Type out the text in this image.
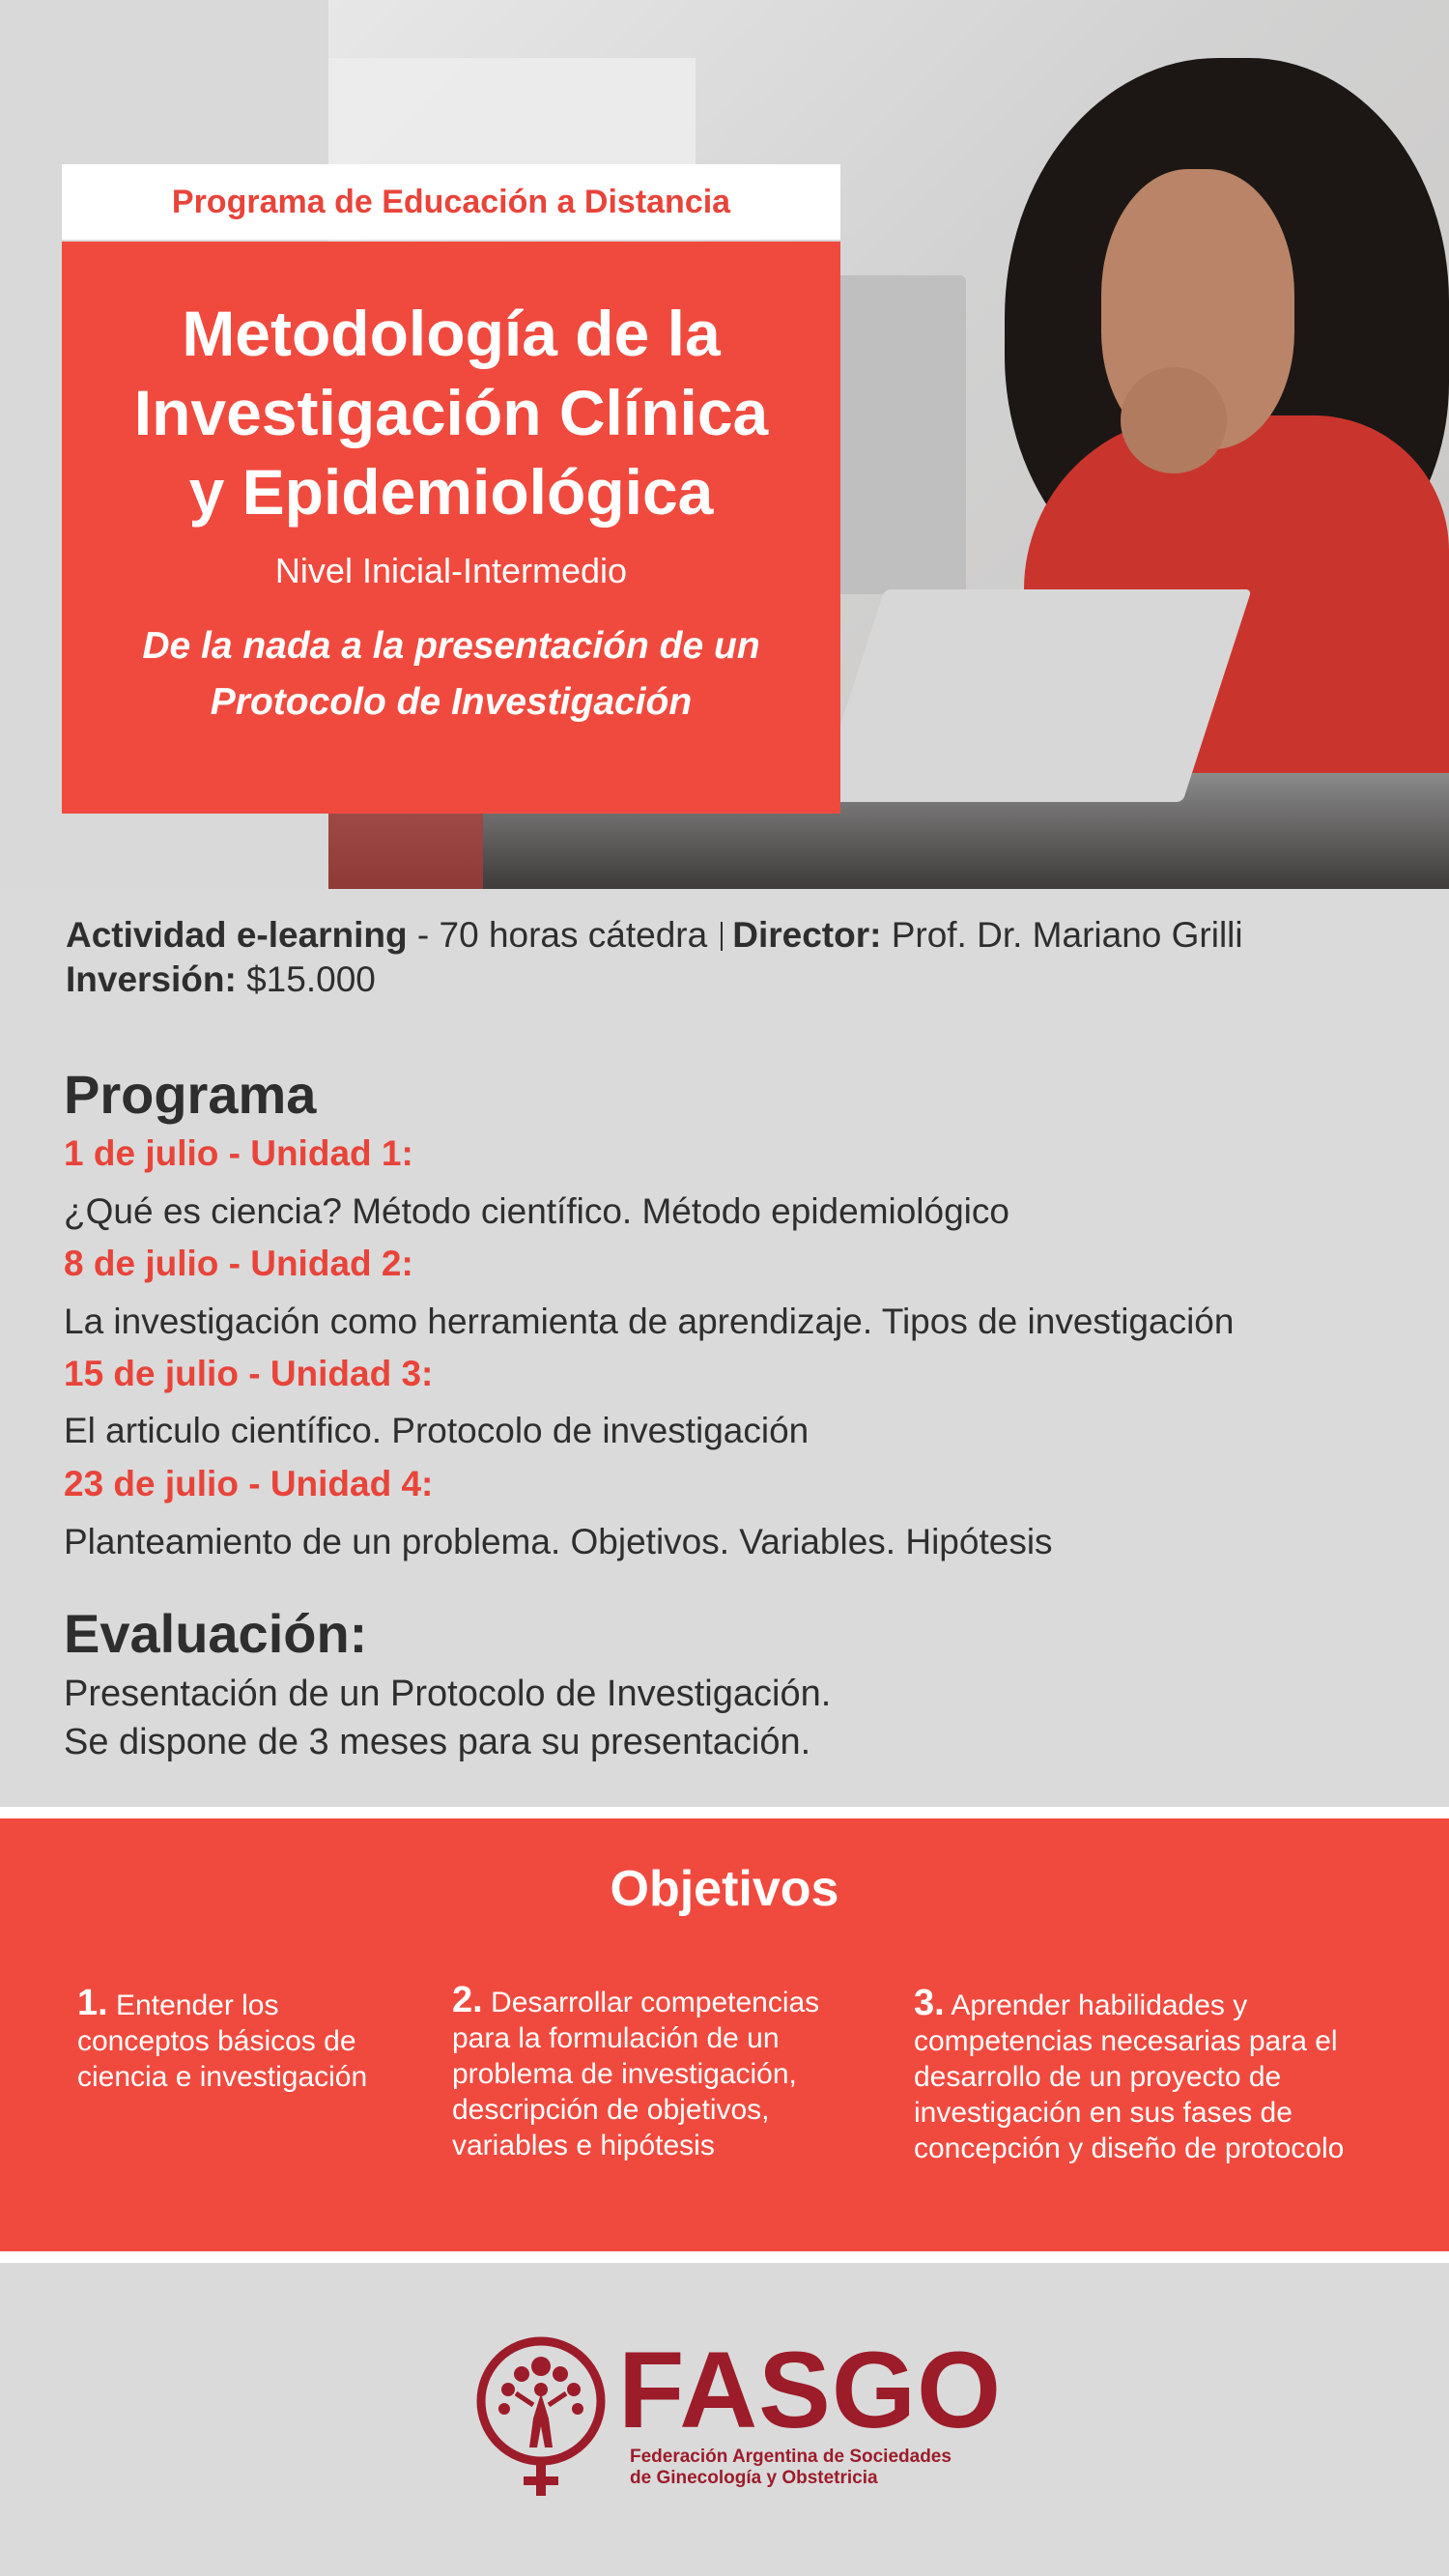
Programa de Educación a Distancia
Metodología de la
Investigación Clínica
y Epidemiológica
Nivel Inicial-Intermedio
De la nada a la presentación de un
Protocolo de Investigación
Actividad e-learning - 70 horas cátedra Director: Prof. Dr. Mariano Grilli
Inversión: $15.000
Programa
1 de julio - Unidad 1:
¿Qué es ciencia? Método científico. Método epidemiológico
8 de julio - Unidad 2:
La investigación como herramienta de aprendizaje. Tipos de investigación
15 de julio - Unidad 3:
El articulo científico. Protocolo de investigación
23 de julio - Unidad 4:
Planteamiento de un problema. Objetivos. Variables. Hipótesis
Evaluación:
Presentación de un Protocolo de Investigación.
Se dispone de 3 meses para su presentación.
Objetivos
1. Entender los
conceptos básicos de
ciencia e investigación
2. Desarrollar competencias
para la formulación de un
problema de investigación,
descripción de objetivos,
variables e hipótesis
3. Aprender habilidades y
competencias necesarias para el
desarrollo de un proyecto de
investigación en sus fases de
concepción y diseño de protocolo
FASGO
Federación Argentina de Sociedades
de Ginecología y Obstetricia
